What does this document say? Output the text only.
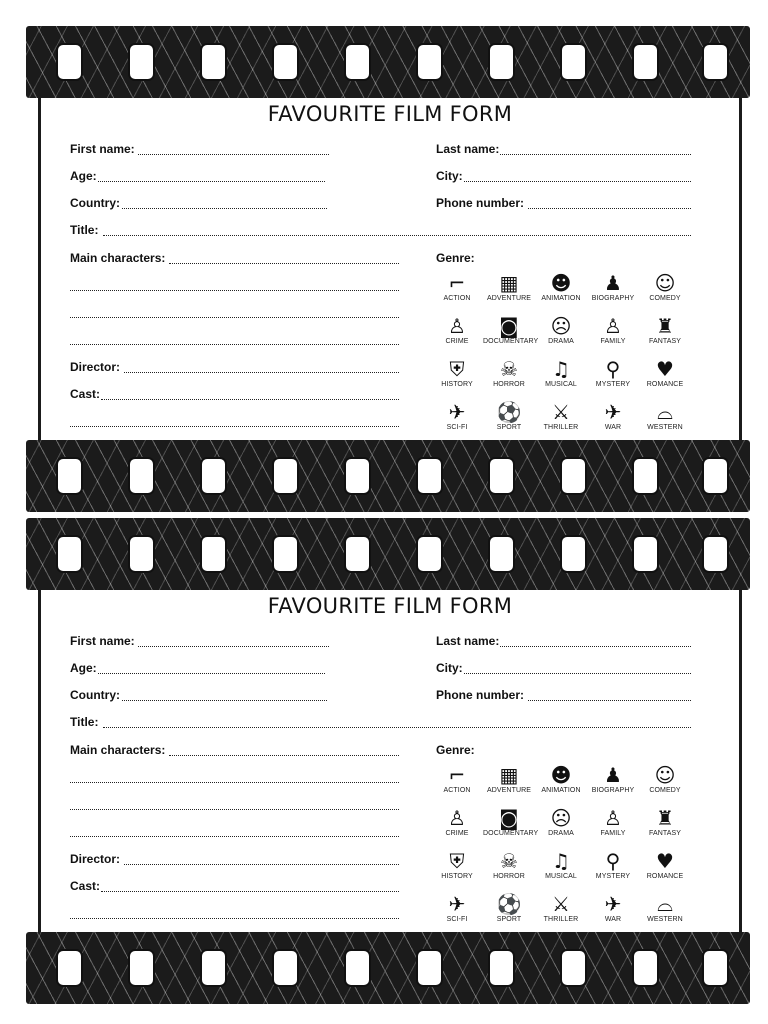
FAVOURITE FILM FORM
First name:
Age:
Country:
Title:
Main characters:
Director:
Cast:
Last name:
City:
Phone number:
Genre:
⌐
ACTION
▦
ADVENTURE
☻
ANIMATION
♟
BIOGRAPHY
☺
COMEDY
♙
CRIME
◙
DOCUMENTARY
☹
DRAMA
♙
FAMILY
♜
FANTASY
⛨
HISTORY
☠
HORROR
♫
MUSICAL
⚲
MYSTERY
♥
ROMANCE
✈
SCI-FI
⚽
SPORT
⚔
THRILLER
✈
WAR
⌓
WESTERN
FAVOURITE FILM FORM
First name:
Age:
Country:
Title:
Main characters:
Director:
Cast:
Last name:
City:
Phone number:
Genre:
⌐
ACTION
▦
ADVENTURE
☻
ANIMATION
♟
BIOGRAPHY
☺
COMEDY
♙
CRIME
◙
DOCUMENTARY
☹
DRAMA
♙
FAMILY
♜
FANTASY
⛨
HISTORY
☠
HORROR
♫
MUSICAL
⚲
MYSTERY
♥
ROMANCE
✈
SCI-FI
⚽
SPORT
⚔
THRILLER
✈
WAR
⌓
WESTERN
